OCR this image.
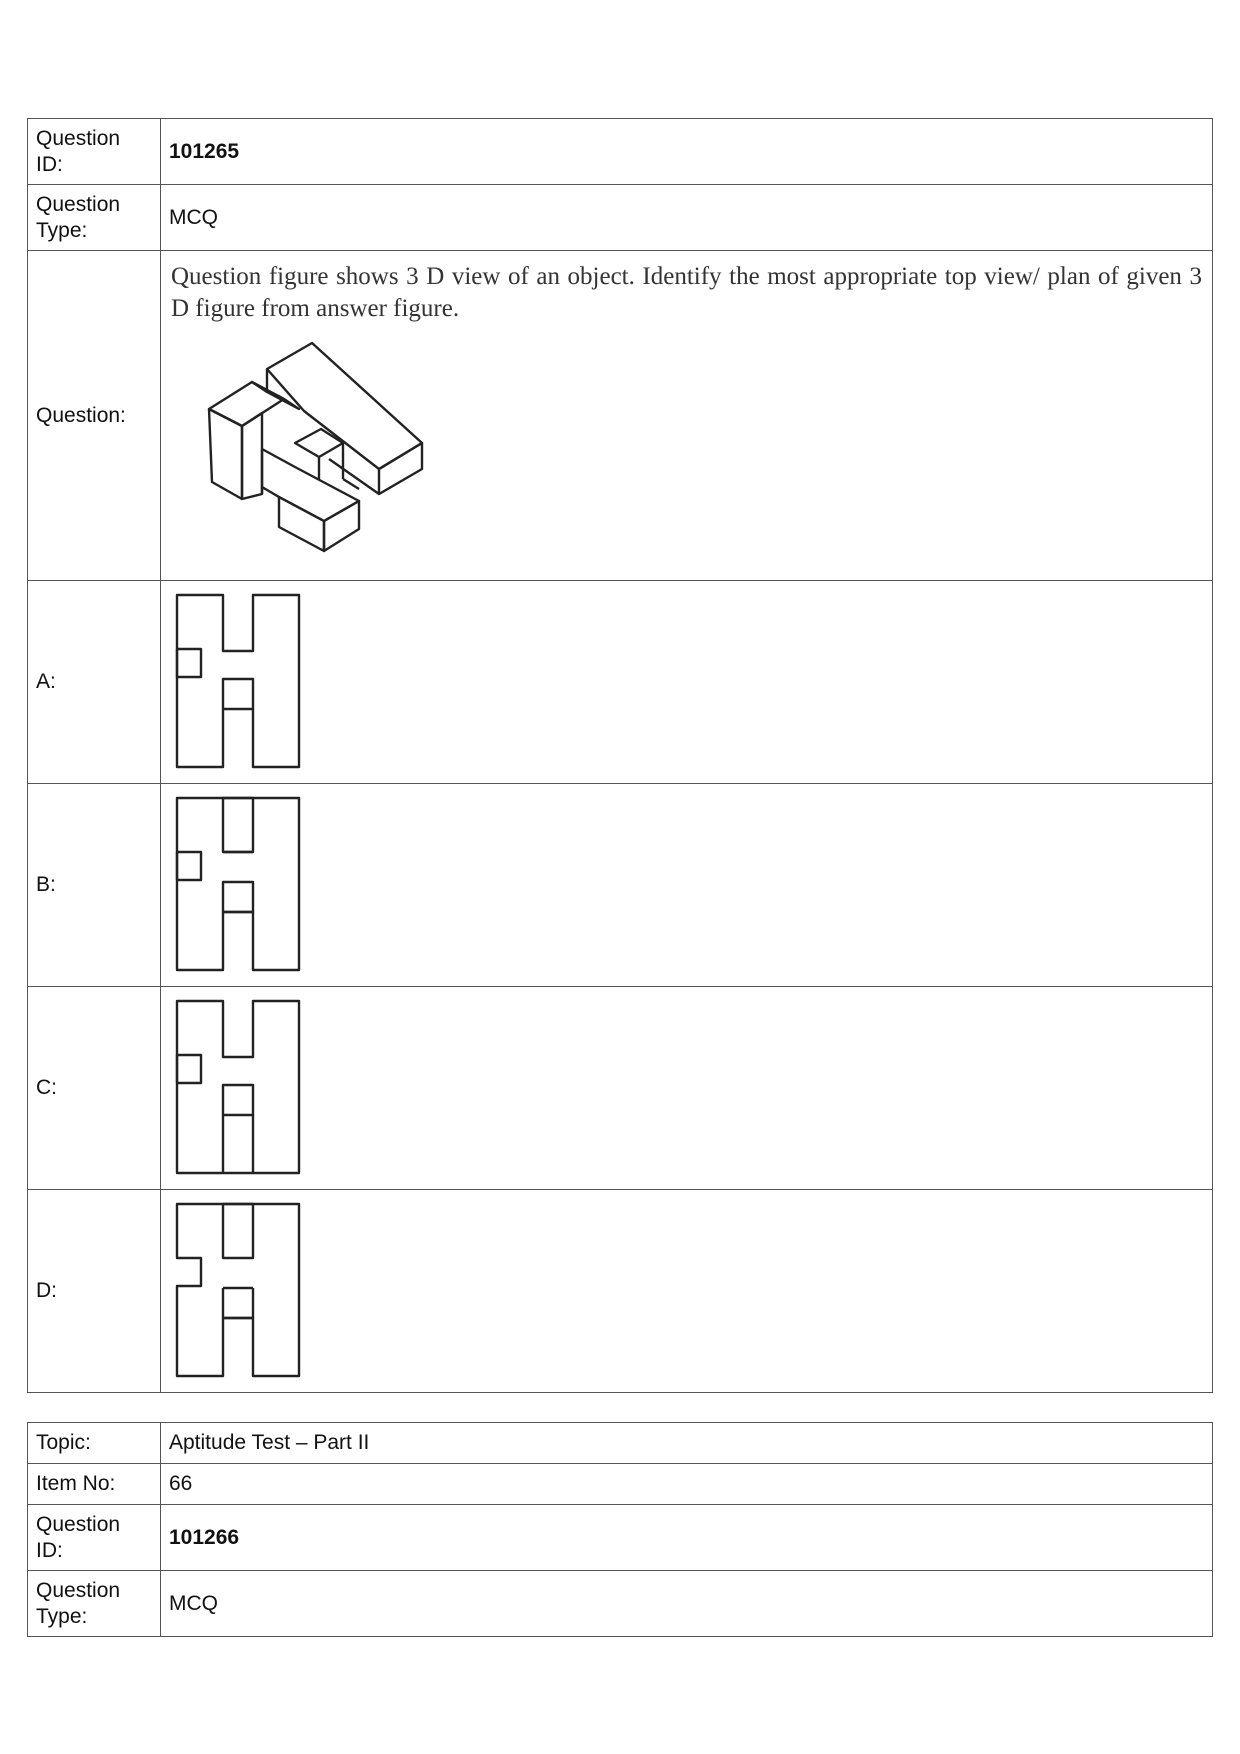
Question ID:	101265
Question Type:	MCQ
Question:	Question figure shows 3 D view of an object. Identify the most appropriate top view/ plan of given 3 D figure from answer figure.

A:	

B:	

C:	

D:	
Topic:	Aptitude Test – Part II
Item No:	66
Question ID:	101266
Question Type:	MCQ
